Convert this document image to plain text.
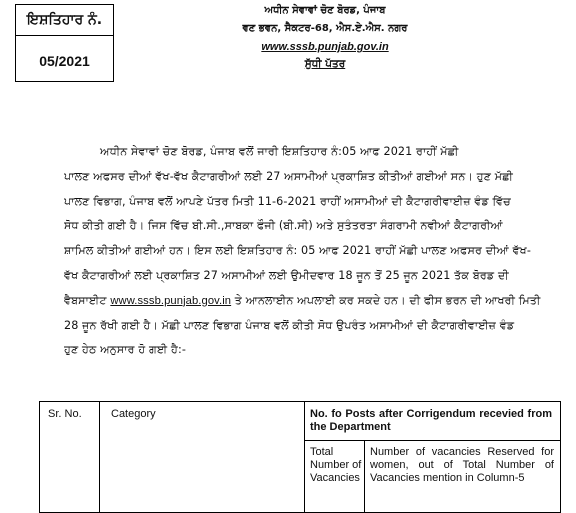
ਇਸ਼ਤਿਹਾਰ ਨੰ.
05/2021
ਅਧੀਨ ਸੇਵਾਵਾਂ ਚੋਣ ਬੋਰਡ, ਪੰਜਾਬ
ਵਣ ਭਵਨ, ਸੈਕਟਰ-68, ਐਸ.ਏ.ਐਸ. ਨਗਰ
www.sssb.punjab.gov.in
ਸੁੱਧੀ ਪੱਤਰ
ਅਧੀਨ ਸੇਵਾਵਾਂ ਚੋਣ ਬੋਰਡ, ਪੰਜਾਬ ਵਲੋਂ ਜਾਰੀ ਇਸ਼ਤਿਹਾਰ ਨੰ:05 ਆਫ 2021 ਰਾਹੀਂ ਮੱਛੀ
ਪਾਲਣ ਅਫਸਰ ਦੀਆਂ ਵੱਖ-ਵੱਖ ਕੈਟਾਗਰੀਆਂ ਲਈ 27 ਅਸਾਮੀਆਂ ਪ੍ਰਕਾਸ਼ਿਤ ਕੀਤੀਆਂ ਗਈਆਂ ਸਨ। ਹੁਣ ਮੱਛੀ
ਪਾਲਣ ਵਿਭਾਗ, ਪੰਜਾਬ ਵਲੋਂ ਆਪਣੇ ਪੱਤਰ ਮਿਤੀ 11-6-2021 ਰਾਹੀਂ ਅਸਾਮੀਆਂ ਦੀ ਕੈਟਾਗਰੀਵਾਈਜ਼ ਵੰਡ ਵਿੱਚ
ਸੋਧ ਕੀਤੀ ਗਈ ਹੈ। ਜਿਸ ਵਿੱਚ ਬੀ.ਸੀ.,ਸਾਬਕਾ ਫੌਜੀ (ਬੀ.ਸੀ) ਅਤੇ ਸੁਤੰਤਰਤਾ ਸੰਗਰਾਮੀ ਨਵੀਆਂ ਕੈਟਾਗਰੀਆਂ
ਸ਼ਾਮਿਲ ਕੀਤੀਆਂ ਗਈਆਂ ਹਨ। ਇਸ ਲਈ ਇਸ਼ਤਿਹਾਰ ਨੰ: 05 ਆਫ 2021 ਰਾਹੀਂ ਮੱਛੀ ਪਾਲਣ ਅਫਸਰ ਦੀਆਂ ਵੱਖ-
ਵੱਖ ਕੈਟਾਗਰੀਆਂ ਲਈ ਪ੍ਰਕਾਸ਼ਿਤ 27 ਅਸਾਮੀਆਂ ਲਈ ਉਮੀਦਵਾਰ 18 ਜੂਨ ਤੋਂ 25 ਜੂਨ 2021 ਤੱਕ ਬੋਰਡ ਦੀ
ਵੈਬਸਾਈਟ www.sssb.punjab.gov.in ਤੇ ਆਨਲਾਈਨ ਅਪਲਾਈ ਕਰ ਸਕਦੇ ਹਨ। ਦੀ ਫੀਸ ਭਰਨ ਦੀ ਆਖਰੀ ਮਿਤੀ
28 ਜੂਨ ਰੱਖੀ ਗਈ ਹੈ। ਮੱਛੀ ਪਾਲਣ ਵਿਭਾਗ ਪੰਜਾਬ ਵਲੋਂ ਕੀਤੀ ਸੋਧ ਉਪਰੰਤ ਅਸਾਮੀਆਂ ਦੀ ਕੈਟਾਗਰੀਵਾਈਜ਼ ਵੰਡ
ਹੁਣ ਹੇਠ ਅਨੁਸਾਰ ਹੋ ਗਈ ਹੈ:-
Sr. No.	Category	No. fo Posts after Corrigendum recevied from the Department
Total Number of Vacancies
Number of vacancies Reserved for women, out of Total Number of Vacancies mention in Column-5
